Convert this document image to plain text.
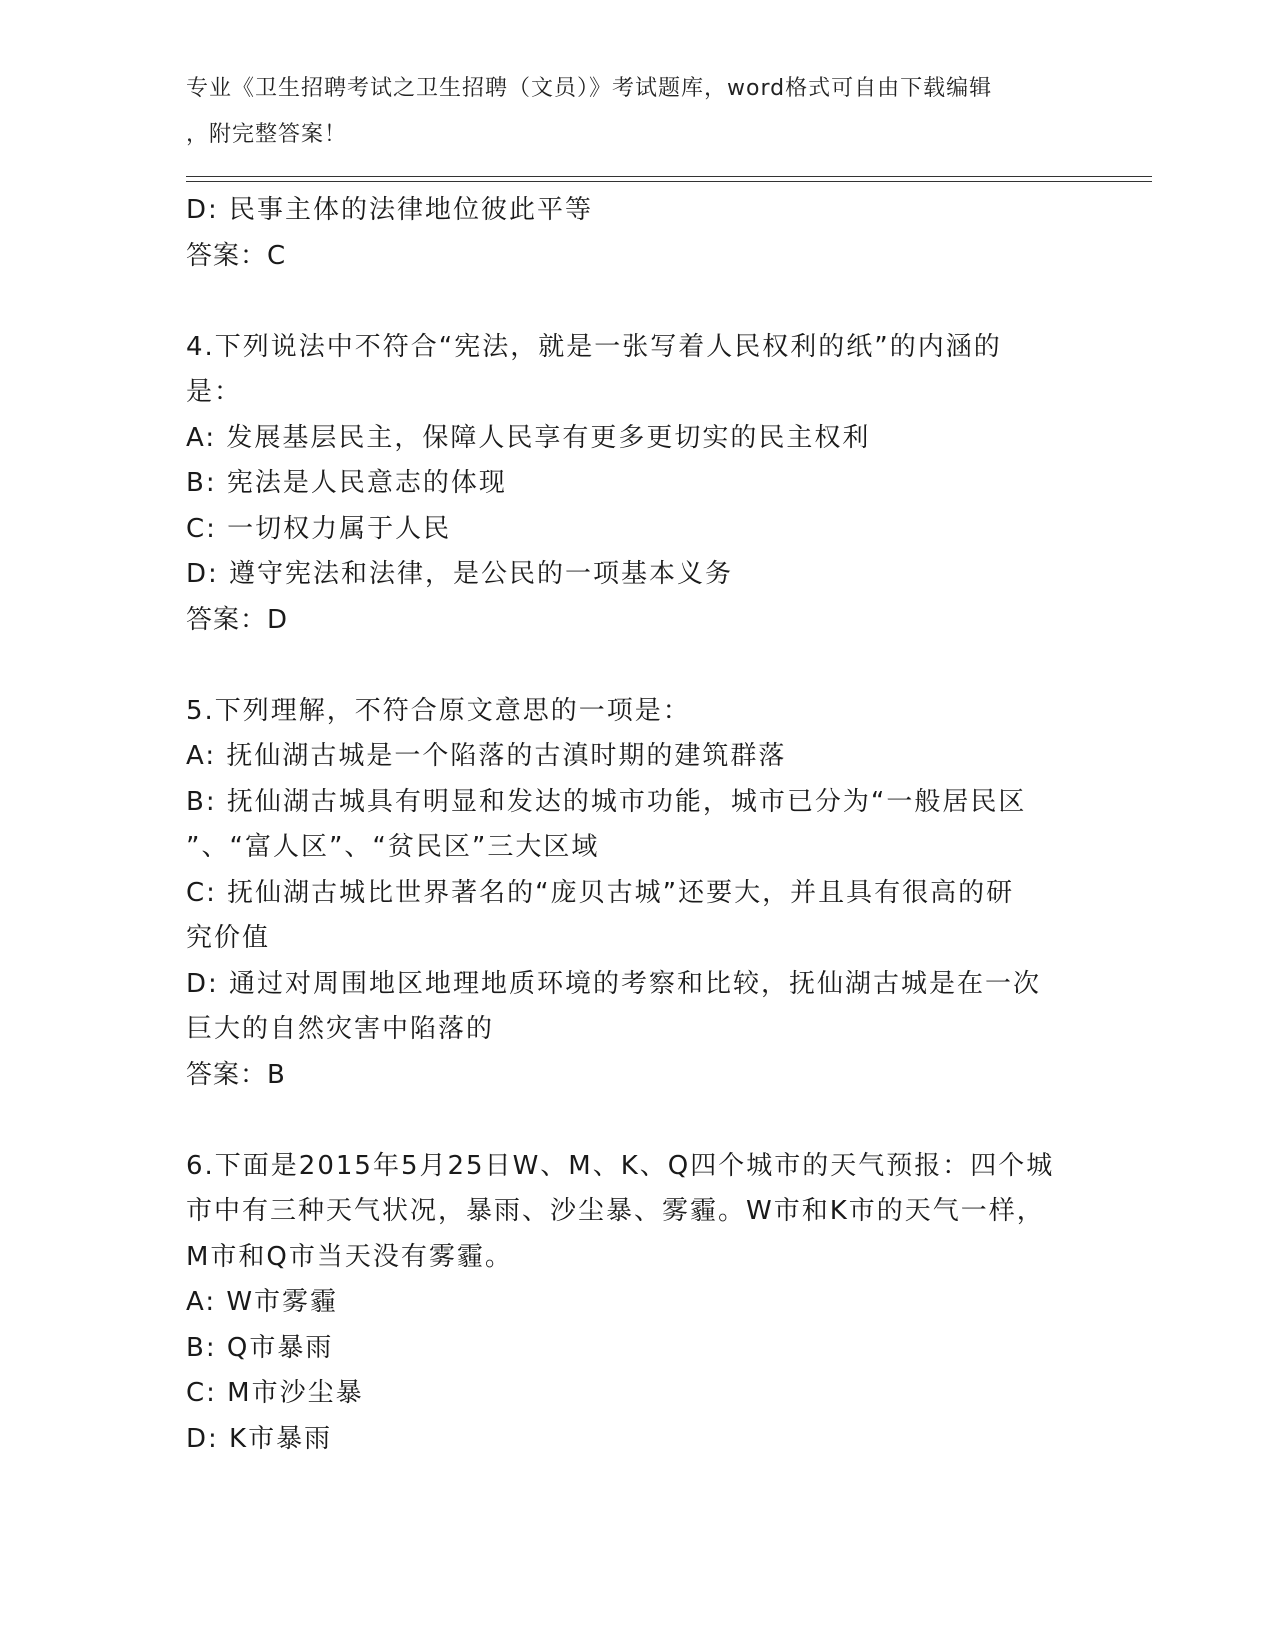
专业《卫生招聘考试之卫生招聘（文员）》考试题库，word格式可自由下载编辑
，附完整答案！
D: 民事主体的法律地位彼此平等
答案：C
4.下列说法中不符合“宪法，就是一张写着人民权利的纸”的内涵的
是：
A: 发展基层民主，保障人民享有更多更切实的民主权利
B: 宪法是人民意志的体现
C: 一切权力属于人民
D: 遵守宪法和法律，是公民的一项基本义务
答案：D
5.下列理解，不符合原文意思的一项是：
A: 抚仙湖古城是一个陷落的古滇时期的建筑群落
B: 抚仙湖古城具有明显和发达的城市功能，城市已分为“一般居民区
”、“富人区”、“贫民区”三大区域
C: 抚仙湖古城比世界著名的“庞贝古城”还要大，并且具有很高的研
究价值
D: 通过对周围地区地理地质环境的考察和比较，抚仙湖古城是在一次
巨大的自然灾害中陷落的
答案：B
6.下面是2015年5月25日W、M、K、Q四个城市的天气预报：四个城
市中有三种天气状况，暴雨、沙尘暴、雾霾。W市和K市的天气一样，
M市和Q市当天没有雾霾。
A: W市雾霾
B: Q市暴雨
C: M市沙尘暴
D: K市暴雨
